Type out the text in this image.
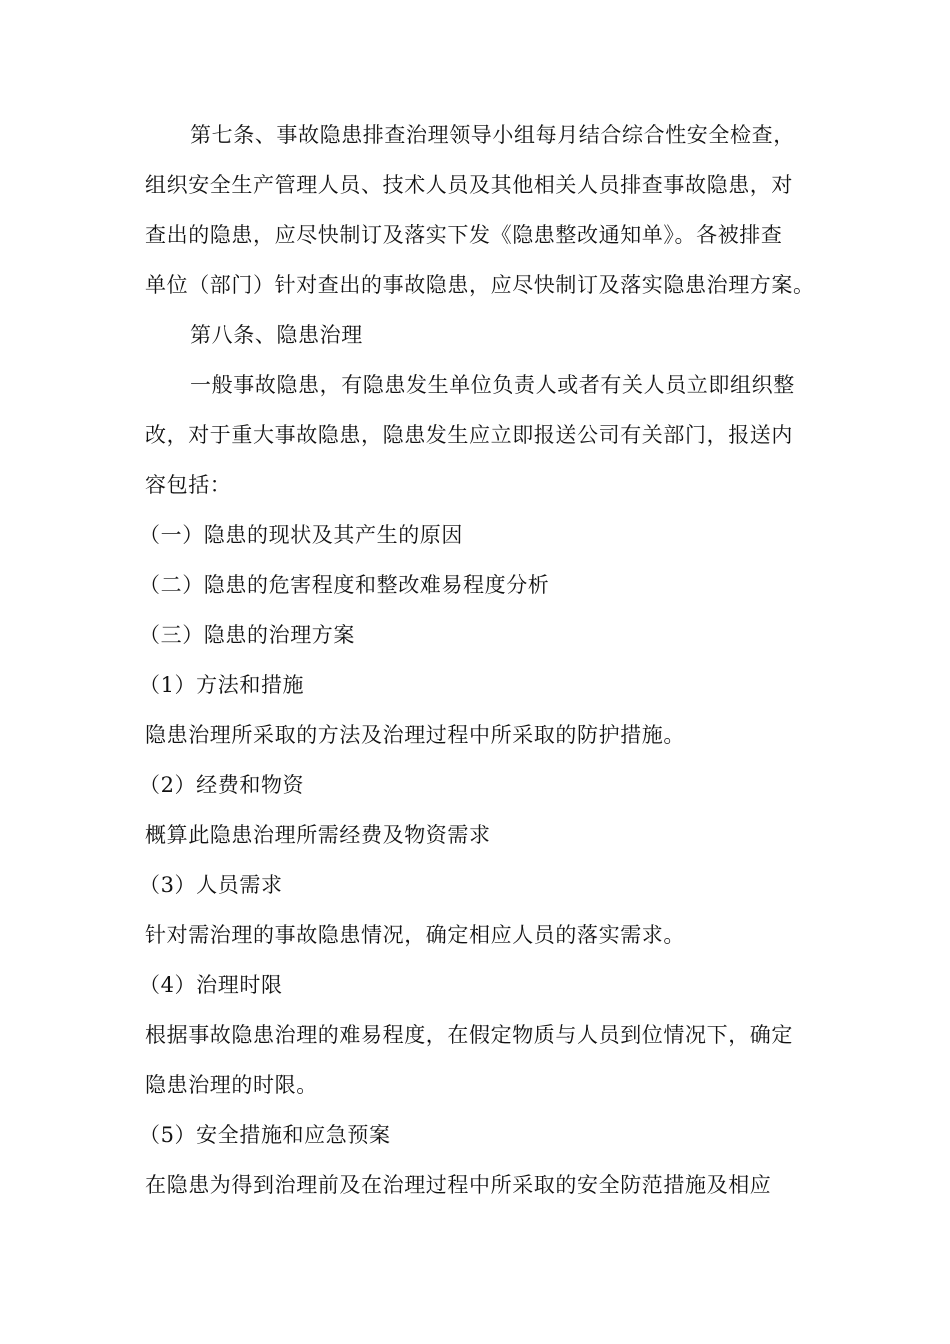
第七条、事故隐患排查治理领导小组每月结合综合性安全检查，
组织安全生产管理人员、技术人员及其他相关人员排查事故隐患，对
查出的隐患，应尽快制订及落实下发《隐患整改通知单》。各被排查
单位（部门）针对查出的事故隐患，应尽快制订及落实隐患治理方案。
第八条、隐患治理
一般事故隐患，有隐患发生单位负责人或者有关人员立即组织整
改，对于重大事故隐患，隐患发生应立即报送公司有关部门，报送内
容包括：
（一）隐患的现状及其产生的原因
（二）隐患的危害程度和整改难易程度分析
（三）隐患的治理方案
（1）方法和措施
隐患治理所采取的方法及治理过程中所采取的防护措施。
（2）经费和物资
概算此隐患治理所需经费及物资需求
（3）人员需求
针对需治理的事故隐患情况，确定相应人员的落实需求。
（4）治理时限
根据事故隐患治理的难易程度，在假定物质与人员到位情况下，确定
隐患治理的时限。
（5）安全措施和应急预案
在隐患为得到治理前及在治理过程中所采取的安全防范措施及相应
